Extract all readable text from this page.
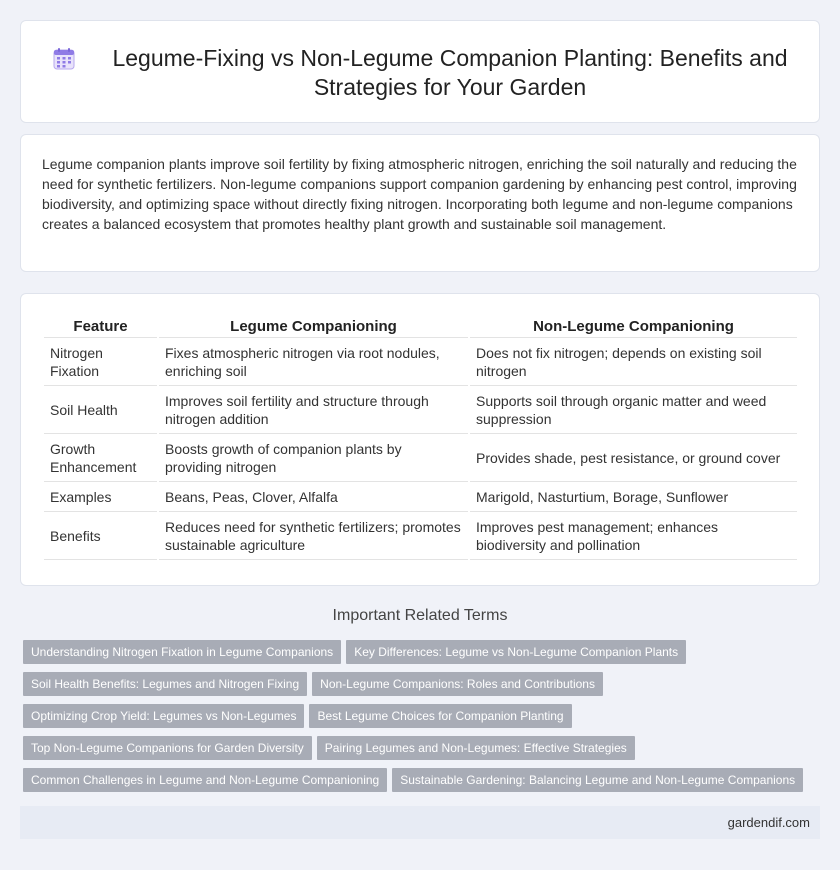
Legume-Fixing vs Non-Legume Companion Planting: Benefits and
Strategies for Your Garden

Legume companion plants improve soil fertility by fixing atmospheric nitrogen, enriching the soil naturally and reducing the need for synthetic fertilizers. Non-legume companions support companion gardening by enhancing pest control, improving biodiversity, and optimizing space without directly fixing nitrogen. Incorporating both legume and non-legume companions creates a balanced ecosystem that promotes healthy plant growth and sustainable soil management.

Feature	Legume Companioning	Non-Legume Companioning
Nitrogen Fixation	Fixes atmospheric nitrogen via root nodules, enriching soil	Does not fix nitrogen; depends on existing soil nitrogen
Soil Health	Improves soil fertility and structure through nitrogen addition	Supports soil through organic matter and weed suppression
Growth Enhancement	Boosts growth of companion plants by providing nitrogen	Provides shade, pest resistance, or ground cover
Examples	Beans, Peas, Clover, Alfalfa	Marigold, Nasturtium, Borage, Sunflower
Benefits	Reduces need for synthetic fertilizers; promotes sustainable agriculture	Improves pest management; enhances biodiversity and pollination
Important Related Terms
Understanding Nitrogen Fixation in Legume Companions Key Differences: Legume vs Non-Legume Companion Plants
Soil Health Benefits: Legumes and Nitrogen Fixing Non-Legume Companions: Roles and Contributions
Optimizing Crop Yield: Legumes vs Non-Legumes Best Legume Choices for Companion Planting
Top Non-Legume Companions for Garden Diversity Pairing Legumes and Non-Legumes: Effective Strategies
Common Challenges in Legume and Non-Legume Companioning Sustainable Gardening: Balancing Legume and Non-Legume Companions
gardendif.com
